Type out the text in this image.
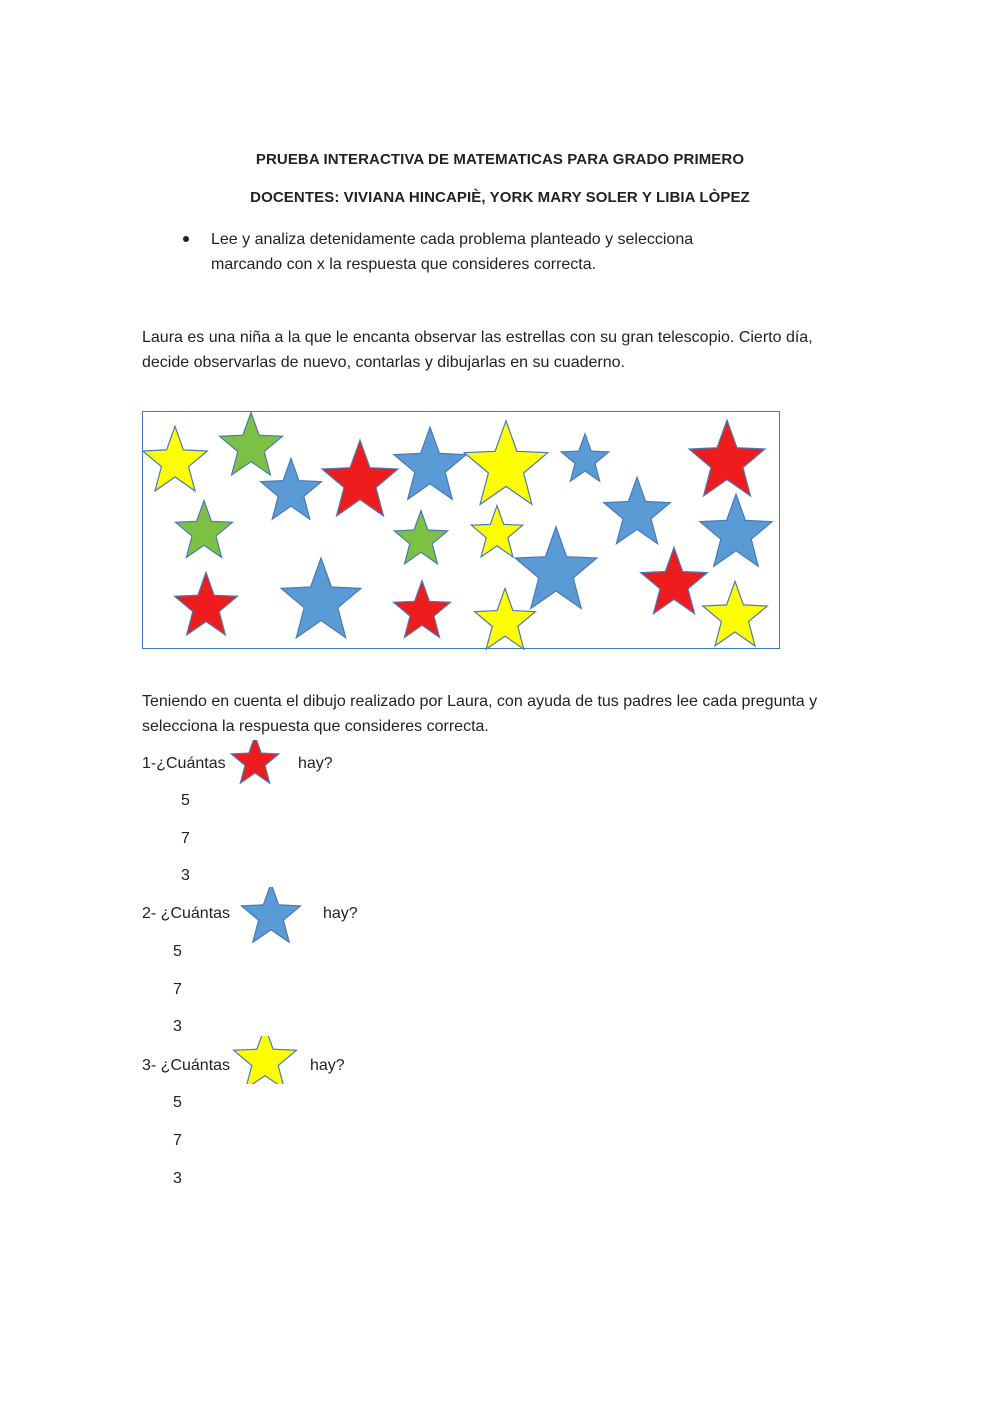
PRUEBA INTERACTIVA DE MATEMATICAS PARA GRADO PRIMERO
DOCENTES: VIVIANA HINCAPIÈ, YORK MARY SOLER Y LIBIA LÒPEZ
Lee y analiza detenidamente cada problema planteado y selecciona
marcando con x la respuesta que consideres correcta.
Laura es una niña a la que le encanta observar las estrellas con su gran telescopio. Cierto día,
decide observarlas de nuevo, contarlas y dibujarlas en su cuaderno.
Teniendo en cuenta el dibujo realizado por Laura, con ayuda de tus padres lee cada pregunta y
selecciona la respuesta que consideres correcta.
1-¿Cuántas	hay?
5
7
3
2- ¿Cuántas	hay?
5
7
3
3- ¿Cuántas	hay?
5
7
3
